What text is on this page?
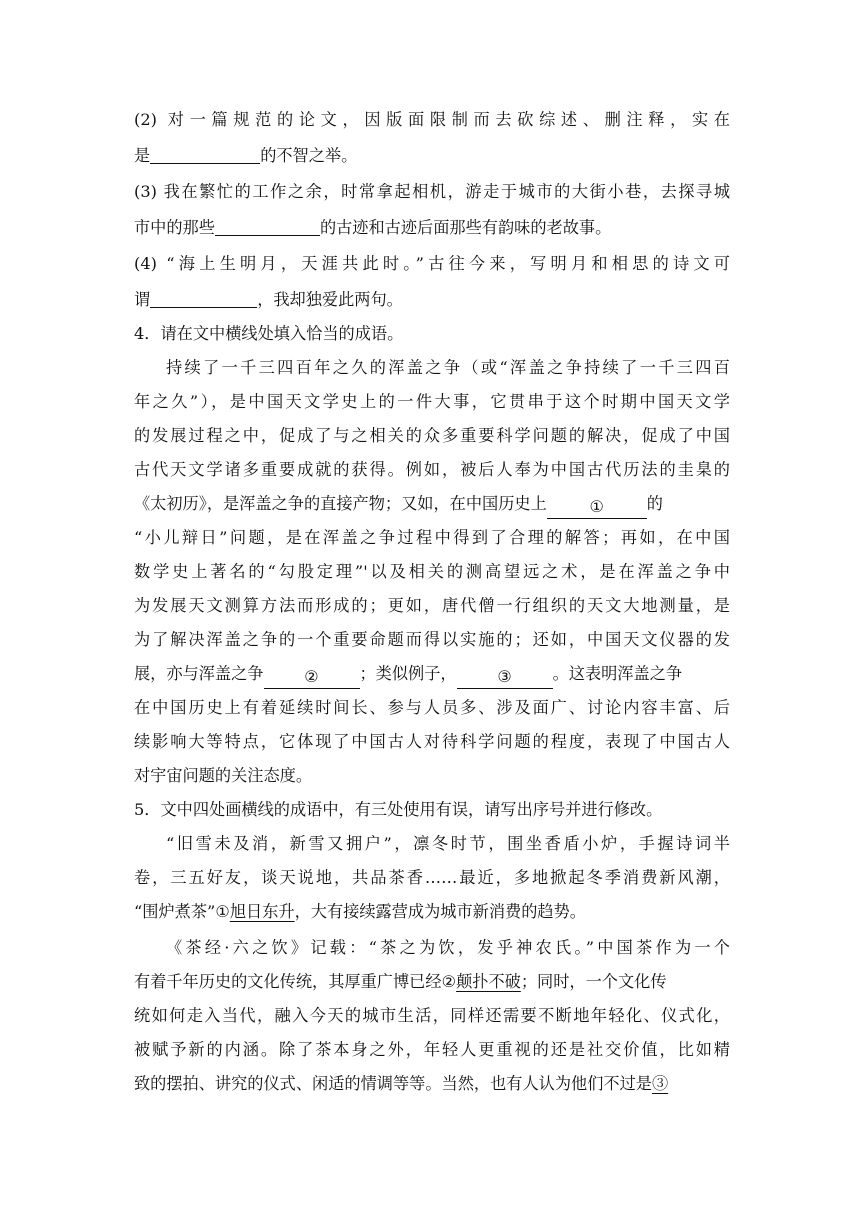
(2) 对一篇规范的论文，因版面限制而去砍综述、删注释，实在
是	的不智之举。
(3) 我在繁忙的工作之余，时常拿起相机，游走于城市的大街小巷，去探寻城
市中的那些	的古迹和古迹后面那些有韵味的老故事。
(4) “海上生明月，天涯共此时。”古往今来，写明月和相思的诗文可
谓	，我却独爱此两句。
4．请在文中横线处填入恰当的成语。
持续了一千三四百年之久的浑盖之争（或“浑盖之争持续了一千三四百
年之久”），是中国天文学史上的一件大事，它贯串于这个时期中国天文学
的发展过程之中，促成了与之相关的众多重要科学问题的解决，促成了中国
古代天文学诸多重要成就的获得。例如，被后人奉为中国古代历法的圭臬的
《太初历》，是浑盖之争的直接产物；又如，在中国历史上	①	的
“小儿辩日”问题，是在浑盖之争过程中得到了合理的解答；再如，在中国
数学史上著名的“勾股定理”'以及相关的测高望远之术，是在浑盖之争中
为发展天文测算方法而形成的；更如，唐代僧一行组织的天文大地测量，是
为了解决浑盖之争的一个重要命题而得以实施的；还如，中国天文仪器的发
展，亦与浑盖之争	②	；类似例子，	③	。这表明浑盖之争
在中国历史上有着延续时间长、参与人员多、涉及面广、讨论内容丰富、后
续影响大等特点，它体现了中国古人对待科学问题的程度，表现了中国古人
对宇宙问题的关注态度。
5．文中四处画横线的成语中，有三处使用有误，请写出序号并进行修改。
“旧雪未及消，新雪又拥户”，凛冬时节，围坐香盾小炉，手握诗词半
卷，三五好友，谈天说地，共品茶香……最近，多地掀起冬季消费新风潮，
“围炉煮茶”①旭日东升，大有接续露营成为城市新消费的趋势。
《茶经·六之饮》记载：“茶之为饮，发乎神农氏。”中国茶作为一个
有着千年历史的文化传统，其厚重广博已经②颠扑不破；同时，一个文化传
统如何走入当代，融入今天的城市生活，同样还需要不断地年轻化、仪式化，
被赋予新的内涵。除了茶本身之外，年轻人更重视的还是社交价值，比如精
致的摆拍、讲究的仪式、闲适的情调等等。当然，也有人认为他们不过是③
